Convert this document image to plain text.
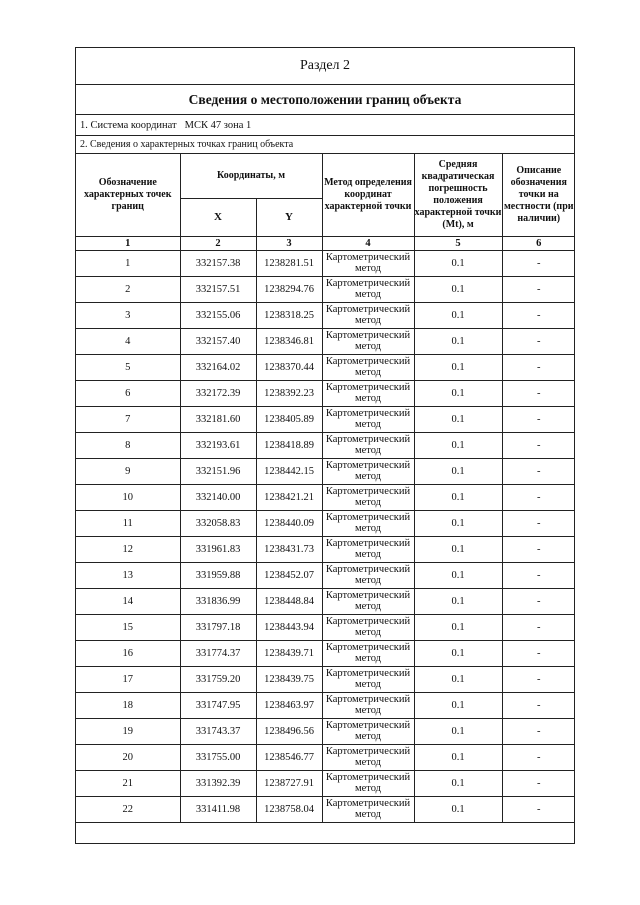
Раздел 2
Сведения о местоположении границ объекта
1. Система координат МСК 47 зона 1
2. Сведения о характерных точках границ объекта
Обозначение характерных точек границ	Координаты, м		Метод определения координат характерной точки	Средняя квадратическая погрешность положения характерной точки (Mt), м	Описание обозначения точки на местности (при наличии)
	X	Y			
1	2	3	4	5	6
1	332157.38	1238281.51	Картометрический метод	0.1	-
2	332157.51	1238294.76	Картометрический метод	0.1	-
3	332155.06	1238318.25	Картометрический метод	0.1	-
4	332157.40	1238346.81	Картометрический метод	0.1	-
5	332164.02	1238370.44	Картометрический метод	0.1	-
6	332172.39	1238392.23	Картометрический метод	0.1	-
7	332181.60	1238405.89	Картометрический метод	0.1	-
8	332193.61	1238418.89	Картометрический метод	0.1	-
9	332151.96	1238442.15	Картометрический метод	0.1	-
10	332140.00	1238421.21	Картометрический метод	0.1	-
11	332058.83	1238440.09	Картометрический метод	0.1	-
12	331961.83	1238431.73	Картометрический метод	0.1	-
13	331959.88	1238452.07	Картометрический метод	0.1	-
14	331836.99	1238448.84	Картометрический метод	0.1	-
15	331797.18	1238443.94	Картометрический метод	0.1	-
16	331774.37	1238439.71	Картометрический метод	0.1	-
17	331759.20	1238439.75	Картометрический метод	0.1	-
18	331747.95	1238463.97	Картометрический метод	0.1	-
19	331743.37	1238496.56	Картометрический метод	0.1	-
20	331755.00	1238546.77	Картометрический метод	0.1	-
21	331392.39	1238727.91	Картометрический метод	0.1	-
22	331411.98	1238758.04	Картометрический метод	0.1	-
